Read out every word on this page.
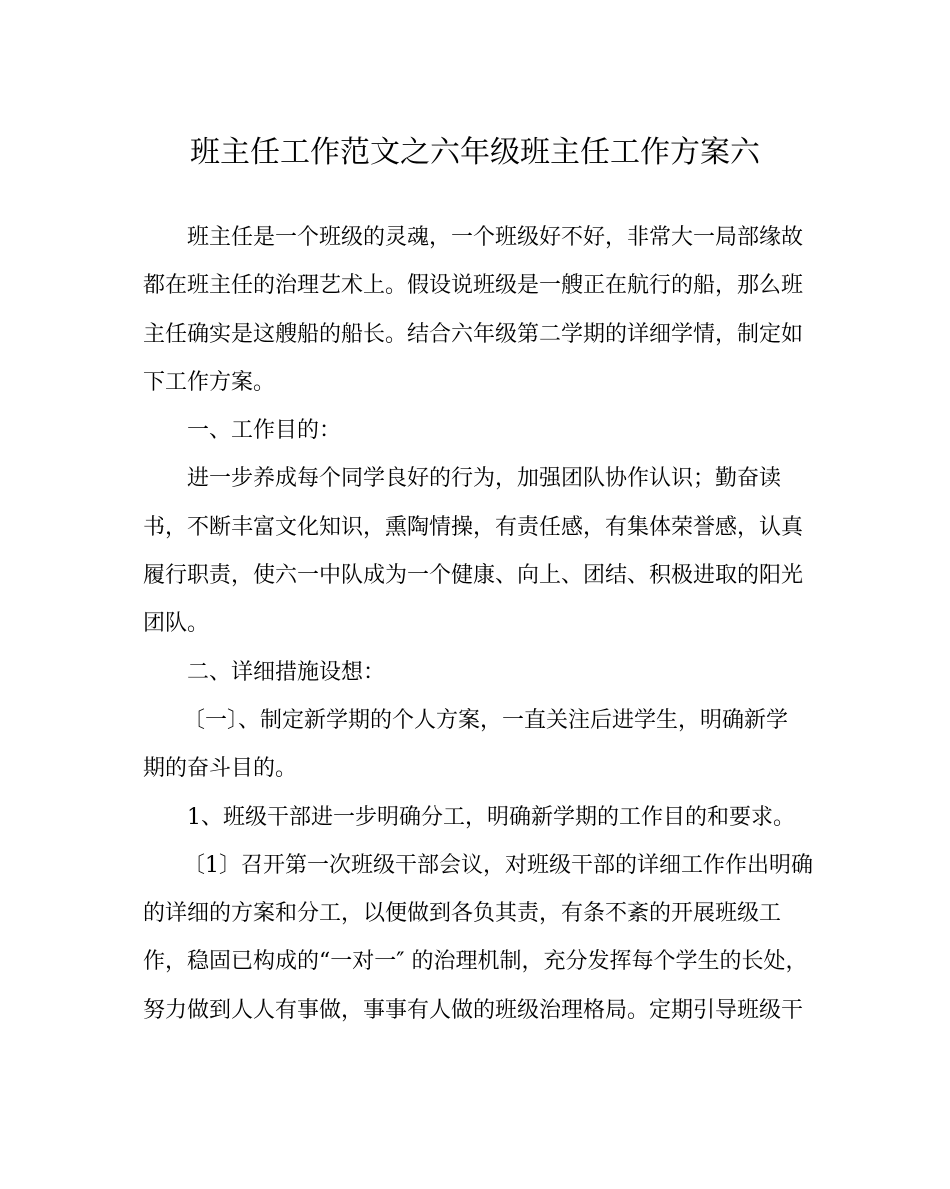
班主任工作范文之六年级班主任工作方案六
班主任是一个班级的灵魂，一个班级好不好，非常大一局部缘故
都在班主任的治理艺术上。假设说班级是一艘正在航行的船，那么班
主任确实是这艘船的船长。结合六年级第二学期的详细学情，制定如
下工作方案。
一、工作目的：
进一步养成每个同学良好的行为，加强团队协作认识；勤奋读
书，不断丰富文化知识，熏陶情操，有责任感，有集体荣誉感，认真
履行职责，使六一中队成为一个健康、向上、团结、积极进取的阳光
团队。
二、详细措施设想：
〔一〕、制定新学期的个人方案，一直关注后进学生，明确新学
期的奋斗目的。
1、班级干部进一步明确分工，明确新学期的工作目的和要求。
〔1〕召开第一次班级干部会议，对班级干部的详细工作作出明确
的详细的方案和分工，以便做到各负其责，有条不紊的开展班级工
作，稳固已构成的“一对一″ 的治理机制，充分发挥每个学生的长处，
努力做到人人有事做，事事有人做的班级治理格局。定期引导班级干
